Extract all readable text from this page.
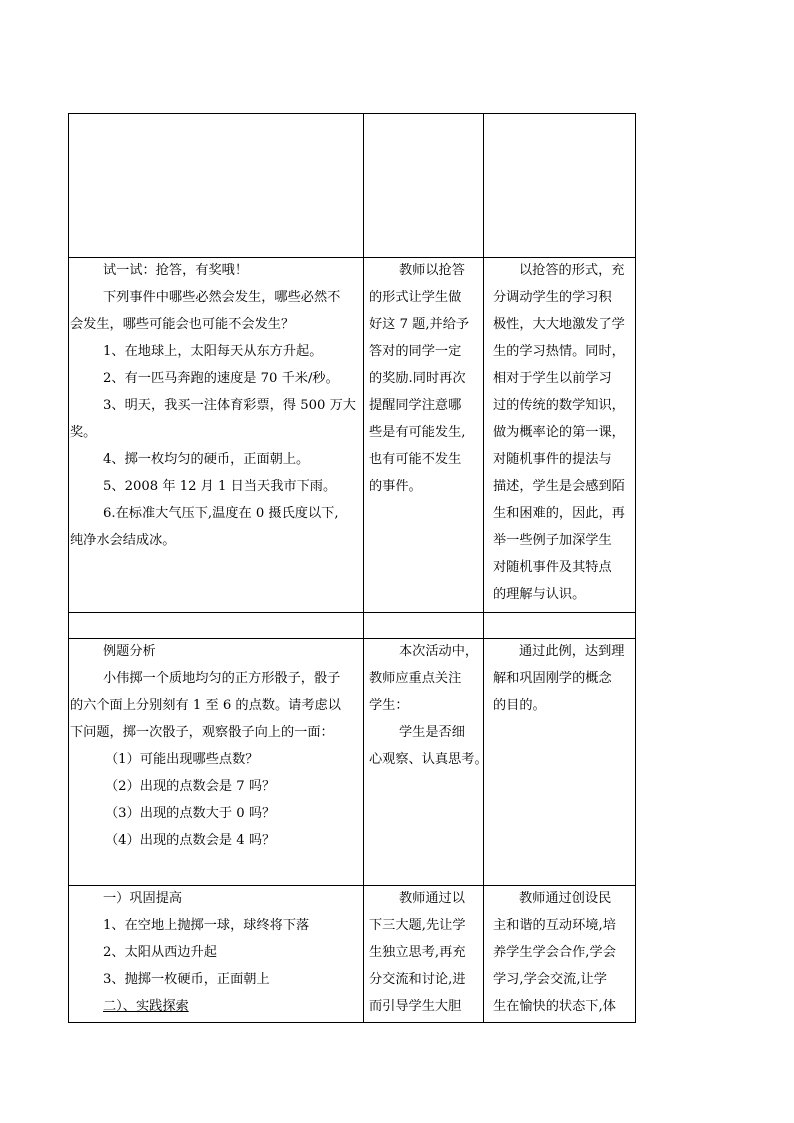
试一试：抢答，有奖哦！

下列事件中哪些必然会发生，哪些必然不

会发生，哪些可能会也可能不会发生？

1、在地球上，太阳每天从东方升起。

2、有一匹马奔跑的速度是 70 千米/秒。

3、明天，我买一注体育彩票，得 500 万大

奖。

4、掷一枚均匀的硬币，正面朝上。

5、2008 年 12 月 1 日当天我市下雨。

6.在标准大气压下,温度在 0 摄氏度以下,

纯净水会结成冰。

教师以抢答

的形式让学生做

好这 7 题,并给予

答对的同学一定

的奖励.同时再次

提醒同学注意哪

些是有可能发生,

也有可能不发生

的事件。

以抢答的形式，充

分调动学生的学习积

极性，大大地激发了学

生的学习热情。同时，

相对于学生以前学习

过的传统的数学知识，

做为概率论的第一课，

对随机事件的提法与

描述，学生是会感到陌

生和困难的，因此，再

举一些例子加深学生

对随机事件及其特点

的理解与认识。

例题分析

小伟掷一个质地均匀的正方形骰子，骰子

的六个面上分别刻有 1 至 6 的点数。请考虑以

下问题，掷一次骰子，观察骰子向上的一面：

（1）可能出现哪些点数？

（2）出现的点数会是 7 吗？

（3）出现的点数大于 0 吗？

（4）出现的点数会是 4 吗？

本次活动中，

教师应重点关注

学生：

学生是否细

心观察、认真思考。

通过此例，达到理

解和巩固刚学的概念

的目的。

一）巩固提高

1、在空地上抛掷一球，球终将下落

2、太阳从西边升起

3、抛掷一枚硬币，正面朝上

二）、实践探索

教师通过以

下三大题,先让学

生独立思考,再充

分交流和讨论,进

而引导学生大胆

教师通过创设民

主和谐的互动环境,培

养学生学会合作,学会

学习,学会交流,让学

生在愉快的状态下,体
